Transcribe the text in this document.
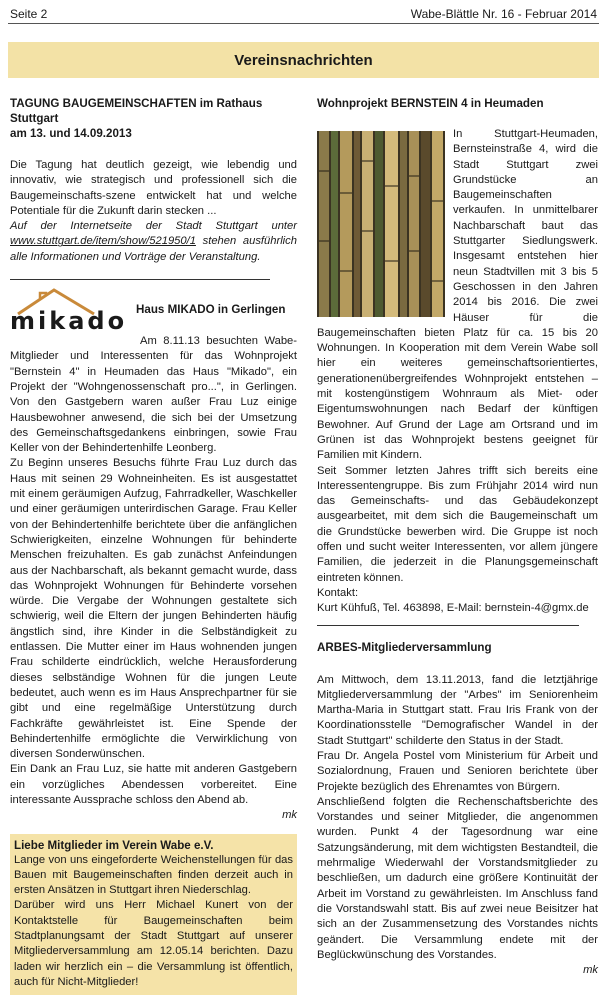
Seite 2	Wabe-Blättle Nr. 16 - Februar 2014
Vereinsnachrichten
TAGUNG BAUGEMEINSCHAFTEN im Rathaus Stuttgart
am 13. und 14.09.2013

Die Tagung hat deutlich gezeigt, wie lebendig und innovativ, wie strategisch und professionell sich die Baugemeinschafts-szene entwickelt hat und welche Potentiale für die Zukunft darin stecken ...

Auf der Internetseite der Stadt Stuttgart unter www.stuttgart.de/item/show/521950/1 stehen ausführlich alle Informationen und Vorträge der Veranstaltung.

mikado Haus MIKADO in Gerlingen

Am 8.11.13 besuchten Wabe-Mitglieder und Interessenten für das Wohnprojekt "Bernstein 4" in Heumaden das Haus "Mikado", ein Projekt der "Wohngenossenschaft pro...", in Gerlingen. Von den Gastgebern waren außer Frau Luz einige Hausbewohner anwesend, die sich bei der Umsetzung des Gemeinschaftsgedankens einbringen, sowie Frau Keller von der Behindertenhilfe Leonberg.

Zu Beginn unseres Besuchs führte Frau Luz durch das Haus mit seinen 29 Wohneinheiten. Es ist ausgestattet mit einem geräumigen Aufzug, Fahrradkeller, Waschkeller und einer geräumigen unterirdischen Garage. Frau Keller von der Behindertenhilfe berichtete über die anfänglichen Schwierigkeiten, einzelne Wohnungen für behinderte Menschen freizuhalten. Es gab zunächst Anfeindungen aus der Nachbarschaft, als bekannt gemacht wurde, dass das Wohnprojekt Wohnungen für Behinderte vorsehen würde. Die Vergabe der Wohnungen gestaltete sich schwierig, weil die Eltern der jungen Behinderten häufig ängstlich sind, ihre Kinder in die Selbständigkeit zu entlassen. Die Mutter einer im Haus wohnenden jungen Frau schilderte eindrücklich, welche Herausforderung dieses selbständige Wohnen für die jungen Leute bedeutet, auch wenn es im Haus Ansprechpartner für sie gibt und eine regelmäßige Unterstützung durch Fachkräfte gewährleistet ist. Eine Spende der Behindertenhilfe ermöglichte die Verwirklichung von diversen Sonderwünschen.

Ein Dank an Frau Luz, sie hatte mit anderen Gastgebern ein vorzügliches Abendessen vorbereitet. Eine interessante Aussprache schloss den Abend ab.

mk

Liebe Mitglieder im Verein Wabe e.V.

Lange von uns eingeforderte Weichenstellungen für das Bauen mit Baugemeinschaften finden derzeit auch in ersten Ansätzen in Stuttgart ihren Niederschlag.

Darüber wird uns Herr Michael Kunert von der Kontaktstelle für Baugemeinschaften beim Stadtplanungsamt der Stadt Stuttgart auf unserer Mitgliederversammlung am 12.05.14 berichten. Dazu laden wir herzlich ein – die Versammlung ist öffentlich, auch für Nicht-Mitglieder!

Wohnprojekt BERNSTEIN 4 in Heumaden

In Stuttgart-Heumaden, Bernsteinstraße 4, wird die Stadt Stuttgart zwei Grundstücke an Baugemeinschaften verkaufen. In unmittelbarer Nachbarschaft baut das Stuttgarter Siedlungswerk. Insgesamt entstehen hier neun Stadtvillen mit 3 bis 5 Geschossen in den Jahren 2014 bis 2016. Die zwei Häuser für die Baugemeinschaften bieten Platz für ca. 15 bis 20 Wohnungen. In Kooperation mit dem Verein Wabe soll hier ein weiteres gemeinschaftsorientiertes, generationenübergreifendes Wohnprojekt entstehen – mit kostengünstigem Wohnraum als Miet- oder Eigentumswohnungen nach Bedarf der künftigen Bewohner. Auf Grund der Lage am Ortsrand und im Grünen ist das Wohnprojekt bestens geeignet für Familien mit Kindern.

Seit Sommer letzten Jahres trifft sich bereits eine Interessentengruppe. Bis zum Frühjahr 2014 wird nun das Gemeinschafts- und das Gebäudekonzept ausgearbeitet, mit dem sich die Baugemeinschaft um die Grundstücke bewerben wird. Die Gruppe ist noch offen und sucht weiter Interessenten, vor allem jüngere Familien, die jederzeit in die Planungsgemeinschaft eintreten können.

Kontakt:

Kurt Kühfuß, Tel. 463898, E-Mail: bernstein-4@gmx.de

ARBES-Mitgliederversammlung

Am Mittwoch, dem 13.11.2013, fand die letztjährige Mitgliederversammlung der "Arbes" im Seniorenheim Martha-Maria in Stuttgart statt. Frau Iris Frank von der Koordinationsstelle "Demografischer Wandel in der Stadt Stuttgart" schilderte den Status in der Stadt.

Frau Dr. Angela Postel vom Ministerium für Arbeit und Sozialordnung, Frauen und Senioren berichtete über Projekte bezüglich des Ehrenamtes von Bürgern.

Anschließend folgten die Rechenschaftsberichte des Vorstandes und seiner Mitglieder, die angenommen wurden. Punkt 4 der Tagesordnung war eine Satzungsänderung, mit dem wichtigsten Bestandteil, die mehrmalige Wiederwahl der Vorstandsmitglieder zu beschließen, um dadurch eine größere Kontinuität der Arbeit im Vorstand zu gewährleisten. Im Anschluss fand die Vorstandswahl statt. Bis auf zwei neue Beisitzer hat sich an der Zusammensetzung des Vorstandes nichts geändert. Die Versammlung endete mit der Beglückwünschung des Vorstandes.

mk
